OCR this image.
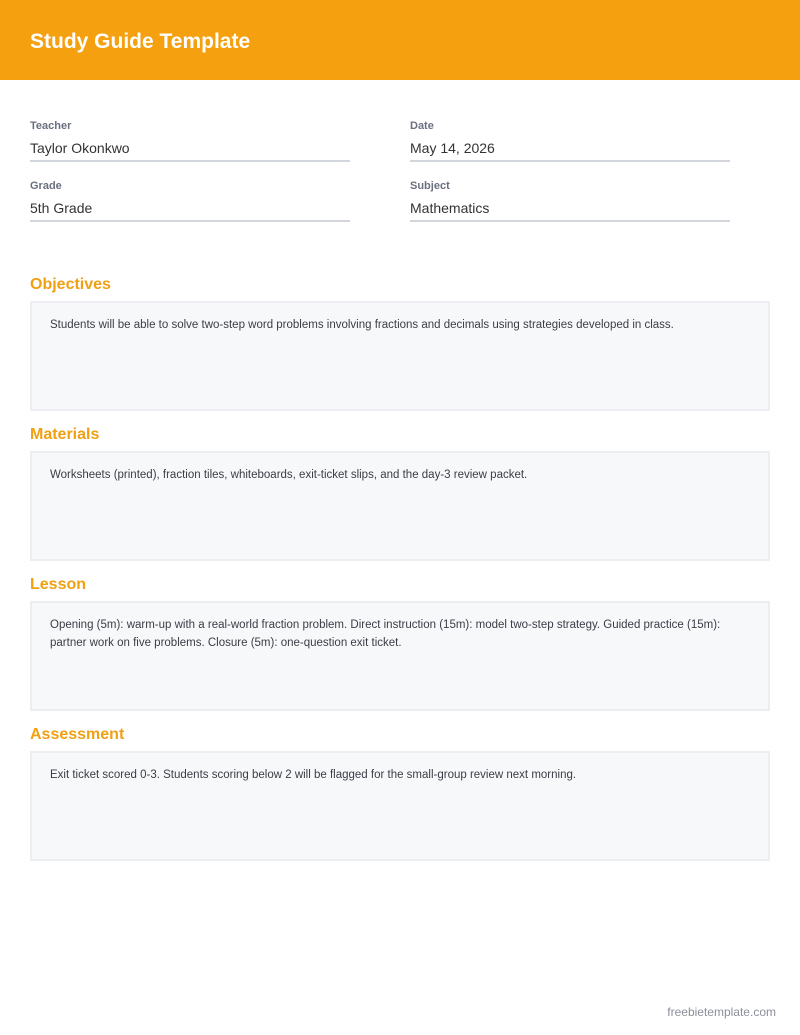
Study Guide Template
Teacher
Taylor Okonkwo
Date
May 14, 2026
Grade
5th Grade
Subject
Mathematics
Objectives
Students will be able to solve two-step word problems involving fractions and decimals using strategies developed in class.
Materials
Worksheets (printed), fraction tiles, whiteboards, exit-ticket slips, and the day-3 review packet.
Lesson
Opening (5m): warm-up with a real-world fraction problem. Direct instruction (15m): model two-step strategy. Guided practice (15m): partner work on five problems. Closure (5m): one-question exit ticket.
Assessment
Exit ticket scored 0-3. Students scoring below 2 will be flagged for the small-group review next morning.
freebietemplate.com
